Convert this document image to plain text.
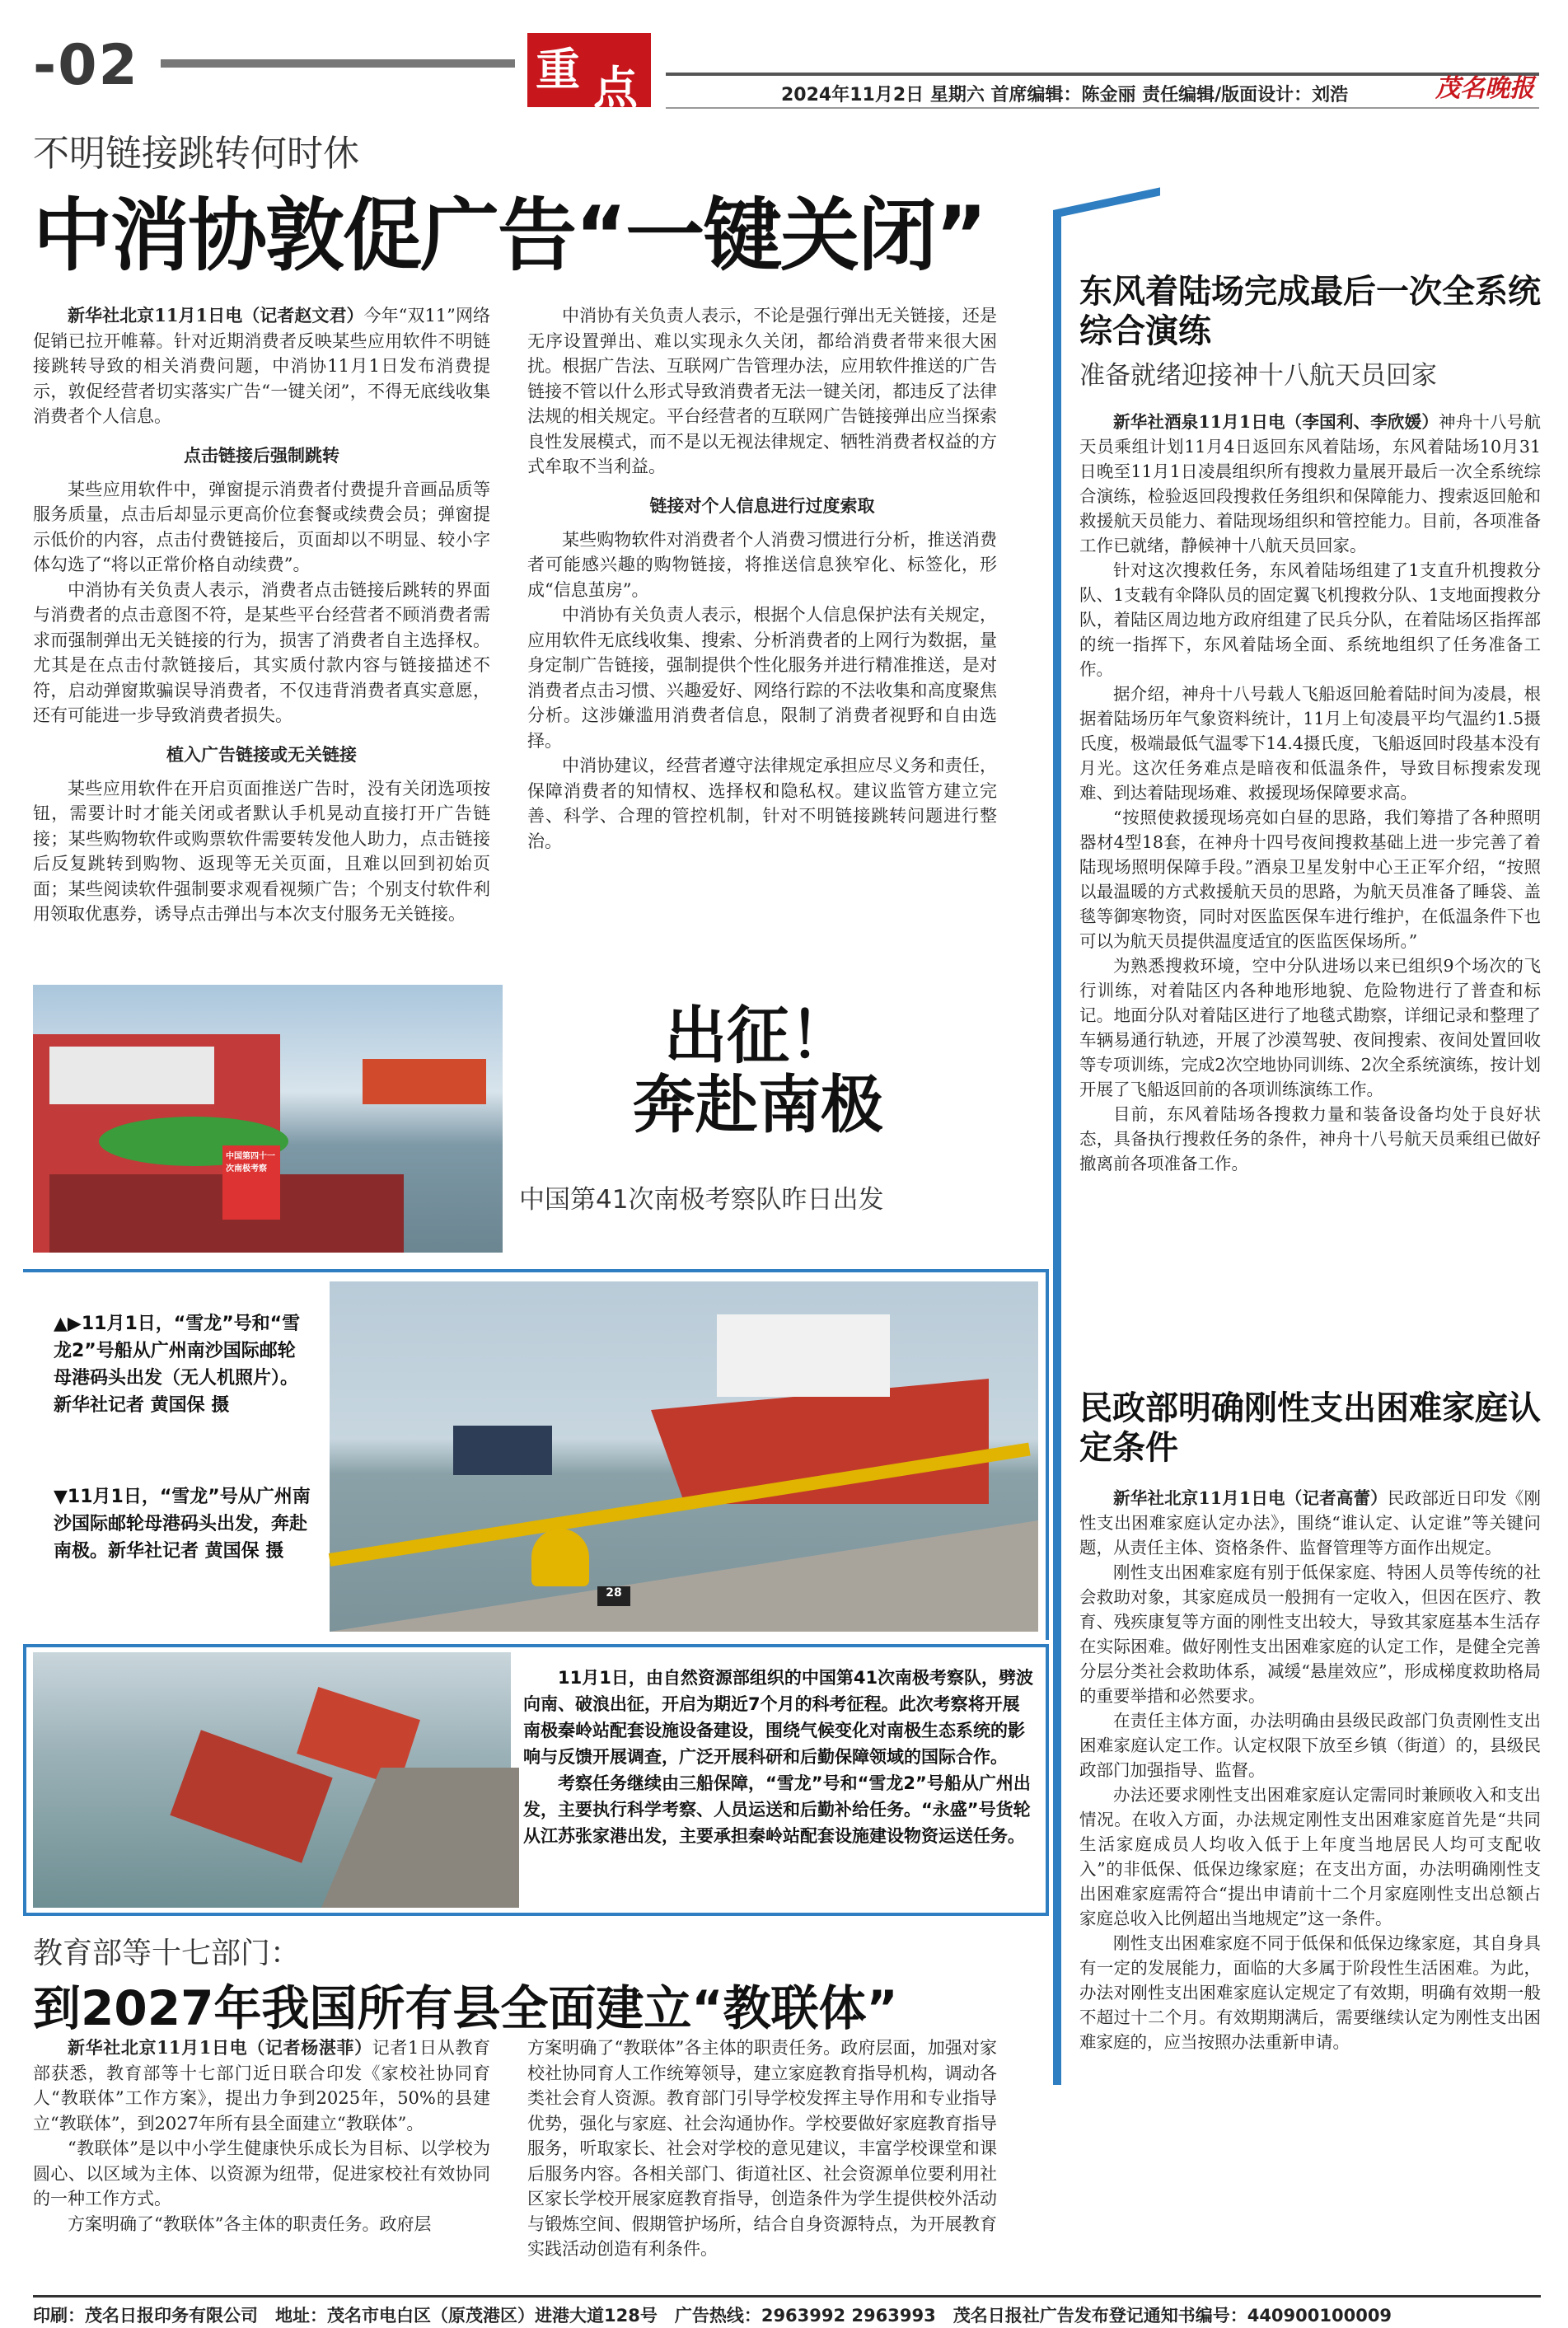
-02	重 点	2024年11月2日 星期六 首席编辑：陈金丽 责任编辑/版面设计：刘浩	茂名晚报
不明链接跳转何时休
中消协敦促广告“一键关闭”

新华社北京11月1日电（记者赵文君）今年“双11”网络促销已拉开帷幕。针对近期消费者反映某些应用软件不明链接跳转导致的相关消费问题，中消协11月1日发布消费提示，敦促经营者切实落实广告“一键关闭”，不得无底线收集消费者个人信息。

点击链接后强制跳转

某些应用软件中，弹窗提示消费者付费提升音画品质等服务质量，点击后却显示更高价位套餐或续费会员；弹窗提示低价的内容，点击付费链接后，页面却以不明显、较小字体勾选了“将以正常价格自动续费”。

中消协有关负责人表示，消费者点击链接后跳转的界面与消费者的点击意图不符，是某些平台经营者不顾消费者需求而强制弹出无关链接的行为，损害了消费者自主选择权。尤其是在点击付款链接后，其实质付款内容与链接描述不符，启动弹窗欺骗误导消费者，不仅违背消费者真实意愿，还有可能进一步导致消费者损失。

植入广告链接或无关链接

某些应用软件在开启页面推送广告时，没有关闭选项按钮，需要计时才能关闭或者默认手机晃动直接打开广告链接；某些购物软件或购票软件需要转发他人助力，点击链接后反复跳转到购物、返现等无关页面，且难以回到初始页面；某些阅读软件强制要求观看视频广告；个别支付软件利用领取优惠券，诱导点击弹出与本次支付服务无关链接。

中消协有关负责人表示，不论是强行弹出无关链接，还是无序设置弹出、难以实现永久关闭，都给消费者带来很大困扰。根据广告法、互联网广告管理办法，应用软件推送的广告链接不管以什么形式导致消费者无法一键关闭，都违反了法律法规的相关规定。平台经营者的互联网广告链接弹出应当探索良性发展模式，而不是以无视法律规定、牺牲消费者权益的方式牟取不当利益。

链接对个人信息进行过度索取

某些购物软件对消费者个人消费习惯进行分析，推送消费者可能感兴趣的购物链接，将推送信息狭窄化、标签化，形成“信息茧房”。

中消协有关负责人表示，根据个人信息保护法有关规定，应用软件无底线收集、搜索、分析消费者的上网行为数据，量身定制广告链接，强制提供个性化服务并进行精准推送，是对消费者点击习惯、兴趣爱好、网络行踪的不法收集和高度聚焦分析。这涉嫌滥用消费者信息，限制了消费者视野和自由选择。

中消协建议，经营者遵守法律规定承担应尽义务和责任，保障消费者的知情权、选择权和隐私权。建议监管方建立完善、科学、合理的管控机制，针对不明链接跳转问题进行整治。

中国第四十一次南极考察
出征！
奔赴南极
中国第41次南极考察队昨日出发
▲▶11月1日，“雪龙”号和“雪龙2”号船从广州南沙国际邮轮母港码头出发（无人机照片）。新华社记者 黄国保 摄
▼11月1日，“雪龙”号从广州南沙国际邮轮母港码头出发，奔赴南极。新华社记者 黄国保 摄
28

11月1日，由自然资源部组织的中国第41次南极考察队，劈波向南、破浪出征，开启为期近7个月的科考征程。此次考察将开展南极秦岭站配套设施设备建设，围绕气候变化对南极生态系统的影响与反馈开展调查，广泛开展科研和后勤保障领域的国际合作。

考察任务继续由三船保障，“雪龙”号和“雪龙2”号船从广州出发，主要执行科学考察、人员运送和后勤补给任务。“永盛”号货轮从江苏张家港出发，主要承担秦岭站配套设施建设物资运送任务。

教育部等十七部门：
到2027年我国所有县全面建立“教联体”

新华社北京11月1日电（记者杨湛菲）记者1日从教育部获悉，教育部等十七部门近日联合印发《家校社协同育人“教联体”工作方案》，提出力争到2025年，50%的县建立“教联体”，到2027年所有县全面建立“教联体”。

“教联体”是以中小学生健康快乐成长为目标、以学校为圆心、以区域为主体、以资源为纽带，促进家校社有效协同的一种工作方式。

方案明确了“教联体”各主体的职责任务。政府层

方案明确了“教联体”各主体的职责任务。政府层面，加强对家校社协同育人工作统筹领导，建立家庭教育指导机构，调动各类社会育人资源。教育部门引导学校发挥主导作用和专业指导优势，强化与家庭、社会沟通协作。学校要做好家庭教育指导服务，听取家长、社会对学校的意见建议，丰富学校课堂和课后服务内容。各相关部门、街道社区、社会资源单位要利用社区家长学校开展家庭教育指导，创造条件为学生提供校外活动与锻炼空间、假期管护场所，结合自身资源特点，为开展教育实践活动创造有利条件。

东风着陆场完成最后一次全系统综合演练
准备就绪迎接神十八航天员回家

新华社酒泉11月1日电（李国利、李欣媛）神舟十八号航天员乘组计划11月4日返回东风着陆场，东风着陆场10月31日晚至11月1日凌晨组织所有搜救力量展开最后一次全系统综合演练，检验返回段搜救任务组织和保障能力、搜索返回舱和救援航天员能力、着陆现场组织和管控能力。目前，各项准备工作已就绪，静候神十八航天员回家。

针对这次搜救任务，东风着陆场组建了1支直升机搜救分队、1支载有伞降队员的固定翼飞机搜救分队、1支地面搜救分队，着陆区周边地方政府组建了民兵分队，在着陆场区指挥部的统一指挥下，东风着陆场全面、系统地组织了任务准备工作。

据介绍，神舟十八号载人飞船返回舱着陆时间为凌晨，根据着陆场历年气象资料统计，11月上旬凌晨平均气温约1.5摄氏度，极端最低气温零下14.4摄氏度，飞船返回时段基本没有月光。这次任务难点是暗夜和低温条件，导致目标搜索发现难、到达着陆现场难、救援现场保障要求高。

“按照使救援现场亮如白昼的思路，我们筹措了各种照明器材4型18套，在神舟十四号夜间搜救基础上进一步完善了着陆现场照明保障手段。”酒泉卫星发射中心王正军介绍，“按照以最温暖的方式救援航天员的思路，为航天员准备了睡袋、盖毯等御寒物资，同时对医监医保车进行维护，在低温条件下也可以为航天员提供温度适宜的医监医保场所。”

为熟悉搜救环境，空中分队进场以来已组织9个场次的飞行训练，对着陆区内各种地形地貌、危险物进行了普查和标记。地面分队对着陆区进行了地毯式勘察，详细记录和整理了车辆易通行轨迹，开展了沙漠驾驶、夜间搜索、夜间处置回收等专项训练，完成2次空地协同训练、2次全系统演练，按计划开展了飞船返回前的各项训练演练工作。

目前，东风着陆场各搜救力量和装备设备均处于良好状态，具备执行搜救任务的条件，神舟十八号航天员乘组已做好撤离前各项准备工作。

民政部明确刚性支出困难家庭认定条件

新华社北京11月1日电（记者高蕾）民政部近日印发《刚性支出困难家庭认定办法》，围绕“谁认定、认定谁”等关键问题，从责任主体、资格条件、监督管理等方面作出规定。

刚性支出困难家庭有别于低保家庭、特困人员等传统的社会救助对象，其家庭成员一般拥有一定收入，但因在医疗、教育、残疾康复等方面的刚性支出较大，导致其家庭基本生活存在实际困难。做好刚性支出困难家庭的认定工作，是健全完善分层分类社会救助体系，减缓“悬崖效应”，形成梯度救助格局的重要举措和必然要求。

在责任主体方面，办法明确由县级民政部门负责刚性支出困难家庭认定工作。认定权限下放至乡镇（街道）的，县级民政部门加强指导、监督。

办法还要求刚性支出困难家庭认定需同时兼顾收入和支出情况。在收入方面，办法规定刚性支出困难家庭首先是“共同生活家庭成员人均收入低于上年度当地居民人均可支配收入”的非低保、低保边缘家庭；在支出方面，办法明确刚性支出困难家庭需符合“提出申请前十二个月家庭刚性支出总额占家庭总收入比例超出当地规定”这一条件。

刚性支出困难家庭不同于低保和低保边缘家庭，其自身具有一定的发展能力，面临的大多属于阶段性生活困难。为此，办法对刚性支出困难家庭认定规定了有效期，明确有效期一般不超过十二个月。有效期期满后，需要继续认定为刚性支出困难家庭的，应当按照办法重新申请。

印刷：茂名日报印务有限公司　地址：茂名市电白区（原茂港区）进港大道128号　广告热线：2963992 2963993　茂名日报社广告发布登记通知书编号：440900100009
